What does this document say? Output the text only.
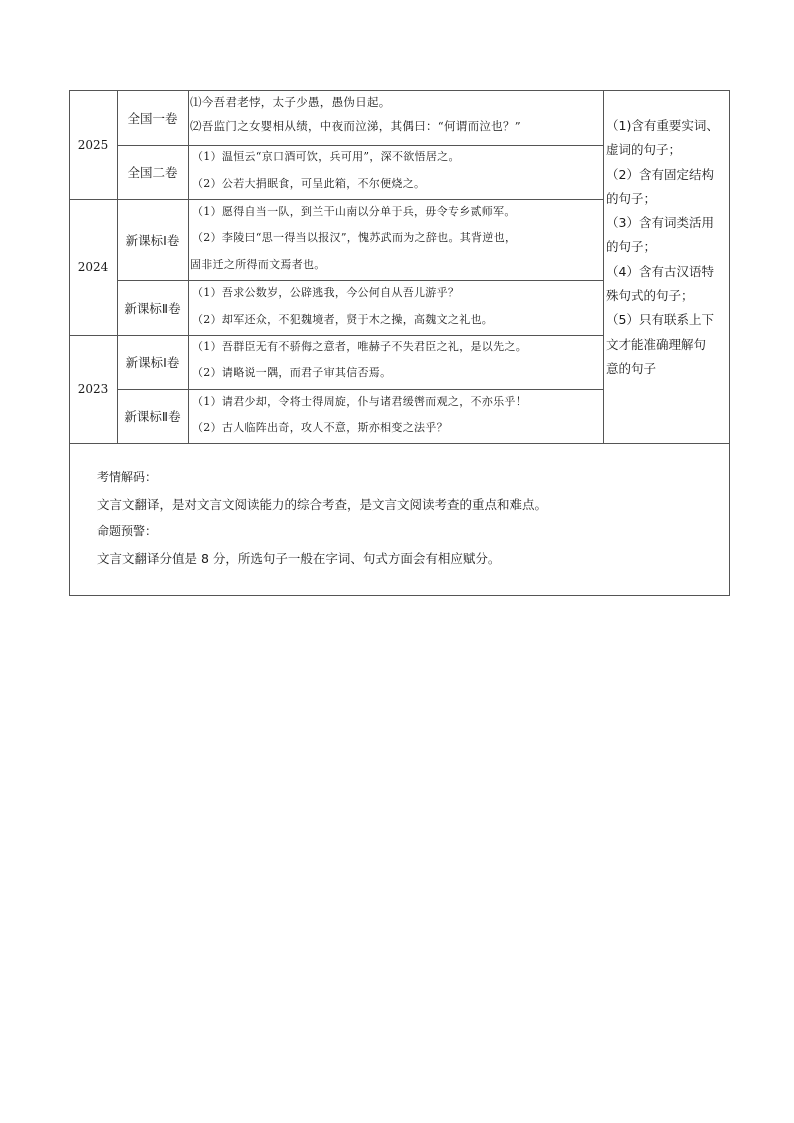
2025
2024
2023
全国一卷
全国二卷
新课标Ⅰ卷
新课标Ⅱ卷
新课标Ⅰ卷
新课标Ⅱ卷
⑴今吾君老悖，太子少愚，愚伪日起。
⑵吾监门之女婴相从绩，中夜而泣涕，其偶曰：“何谓而泣也？”
（1）温恒云“京口酒可饮，兵可用”，深不欲悟居之。
（2）公若大捐眠食，可呈此箱，不尔便烧之。
（1）愿得自当一队，到兰干山南以分单于兵，毋令专乡贰师军。
（2）李陵曰“思一得当以报汉”，愧苏武而为之辞也。其背逆也，
固非迁之所得而文焉者也。
（1）吾求公数岁，公辟逃我，今公何自从吾儿游乎？
（2）却军还众，不犯魏境者，贤于木之操，高魏文之礼也。
（1）吾群臣无有不骄侮之意者，唯赫子不失君臣之礼，是以先之。
（2）请略说一隅，而君子审其信否焉。
（1）请君少却，令将士得周旋，仆与诸君缓辔而观之，不亦乐乎！
（2）古人临阵出奇，攻人不意，斯亦相变之法乎？
（1)含有重要实词、
虚词的句子；
（2）含有固定结构
的句子；
（3）含有词类活用
的句子；
（4）含有古汉语特
殊句式的句子；
（5）只有联系上下
文才能准确理解句
意的句子
考情解码：
文言文翻译，是对文言文阅读能力的综合考查，是文言文阅读考查的重点和难点。
命题预警：
文言文翻译分值是 8 分，所选句子一般在字词、句式方面会有相应赋分。
